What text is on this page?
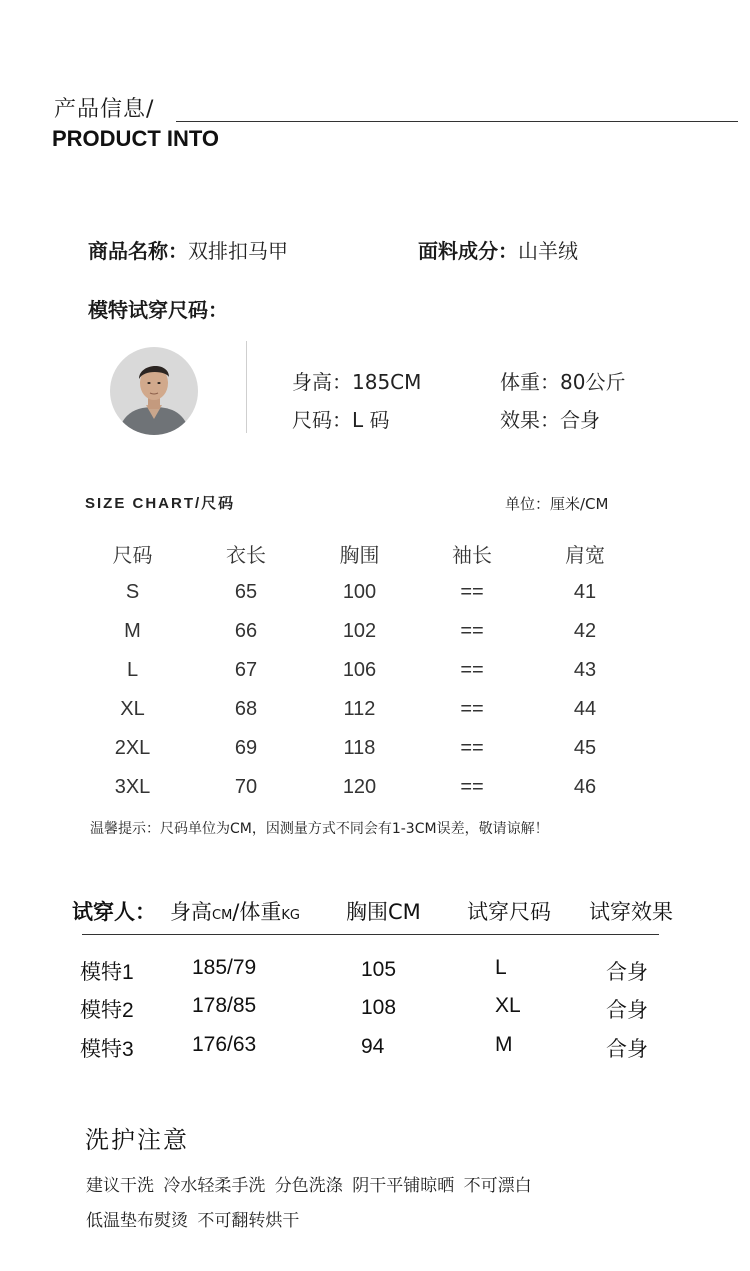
产品信息/
PRODUCT INTO
商品名称：双排扣马甲	面料成分：山羊绒
模特试穿尺码：
身高：185CM	体重：80公斤
尺码：L 码	效果：合身
SIZE CHART/尺码	单位：厘米/CM
尺码	衣长	胸围	袖长	肩宽
S	65	100	==	41
M	66	102	==	42
L	67	106	==	43
XL	68	112	==	44
2XL	69	118	==	45
3XL	70	120	==	46
温馨提示：尺码单位为CM，因测量方式不同会有1-3CM误差，敬请谅解！
试穿人： 身高CM/体重KG 胸围CM 试穿尺码 试穿效果
模特1	185/79	105	L	合身
模特2	178/85	108	XL	合身
模特3	176/63	94	M	合身
洗护注意
建议干洗 冷水轻柔手洗 分色洗涤 阴干平铺晾晒 不可漂白
低温垫布熨烫 不可翻转烘干
